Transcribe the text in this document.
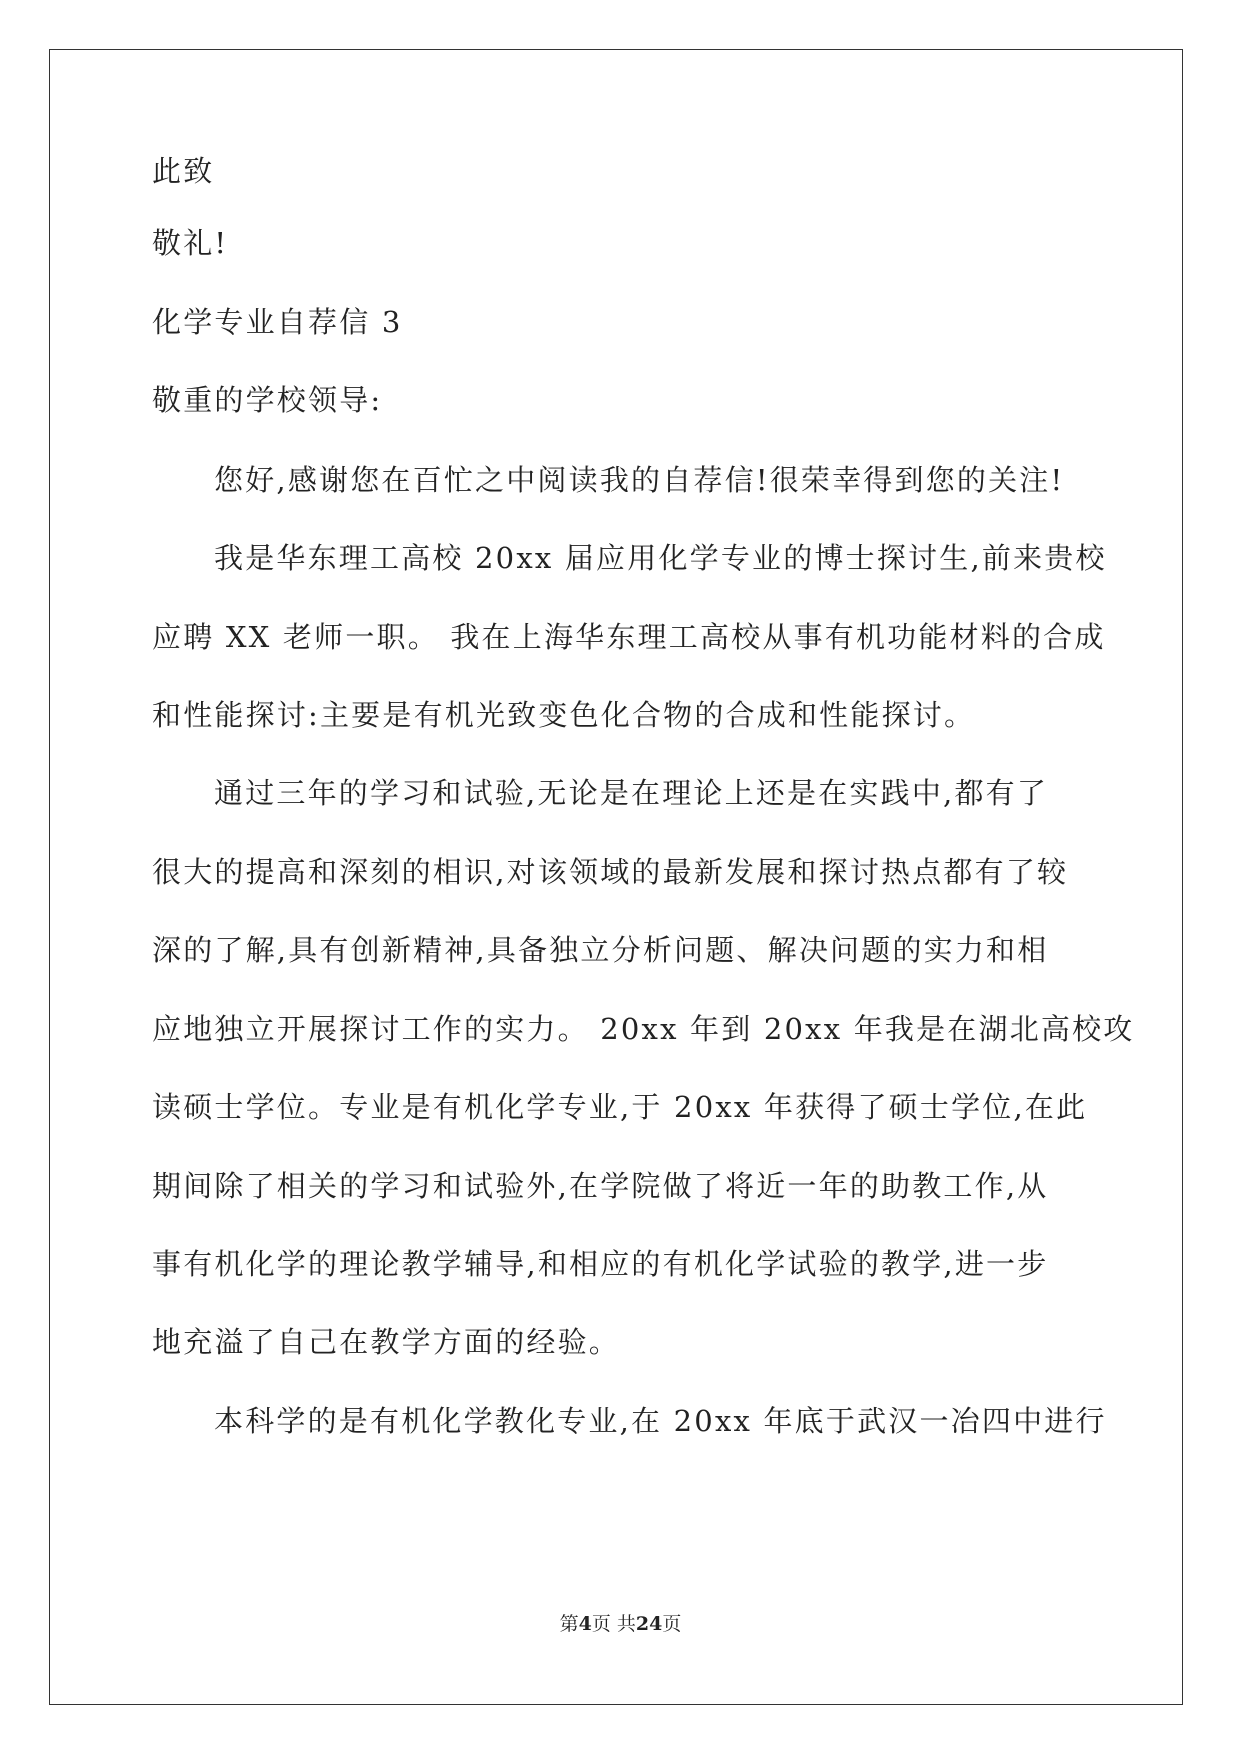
此致
敬礼!
化学专业自荐信 3
敬重的学校领导:
您好,感谢您在百忙之中阅读我的自荐信!很荣幸得到您的关注!
我是华东理工高校 20xx 届应用化学专业的博士探讨生,前来贵校
应聘 XX 老师一职。 我在上海华东理工高校从事有机功能材料的合成
和性能探讨:主要是有机光致变色化合物的合成和性能探讨。
通过三年的学习和试验,无论是在理论上还是在实践中,都有了
很大的提高和深刻的相识,对该领域的最新发展和探讨热点都有了较
深的了解,具有创新精神,具备独立分析问题、解决问题的实力和相
应地独立开展探讨工作的实力。 20xx 年到 20xx 年我是在湖北高校攻
读硕士学位。专业是有机化学专业,于 20xx 年获得了硕士学位,在此
期间除了相关的学习和试验外,在学院做了将近一年的助教工作,从
事有机化学的理论教学辅导,和相应的有机化学试验的教学,进一步
地充溢了自己在教学方面的经验。
本科学的是有机化学教化专业,在 20xx 年底于武汉一冶四中进行
第4页 共24页
